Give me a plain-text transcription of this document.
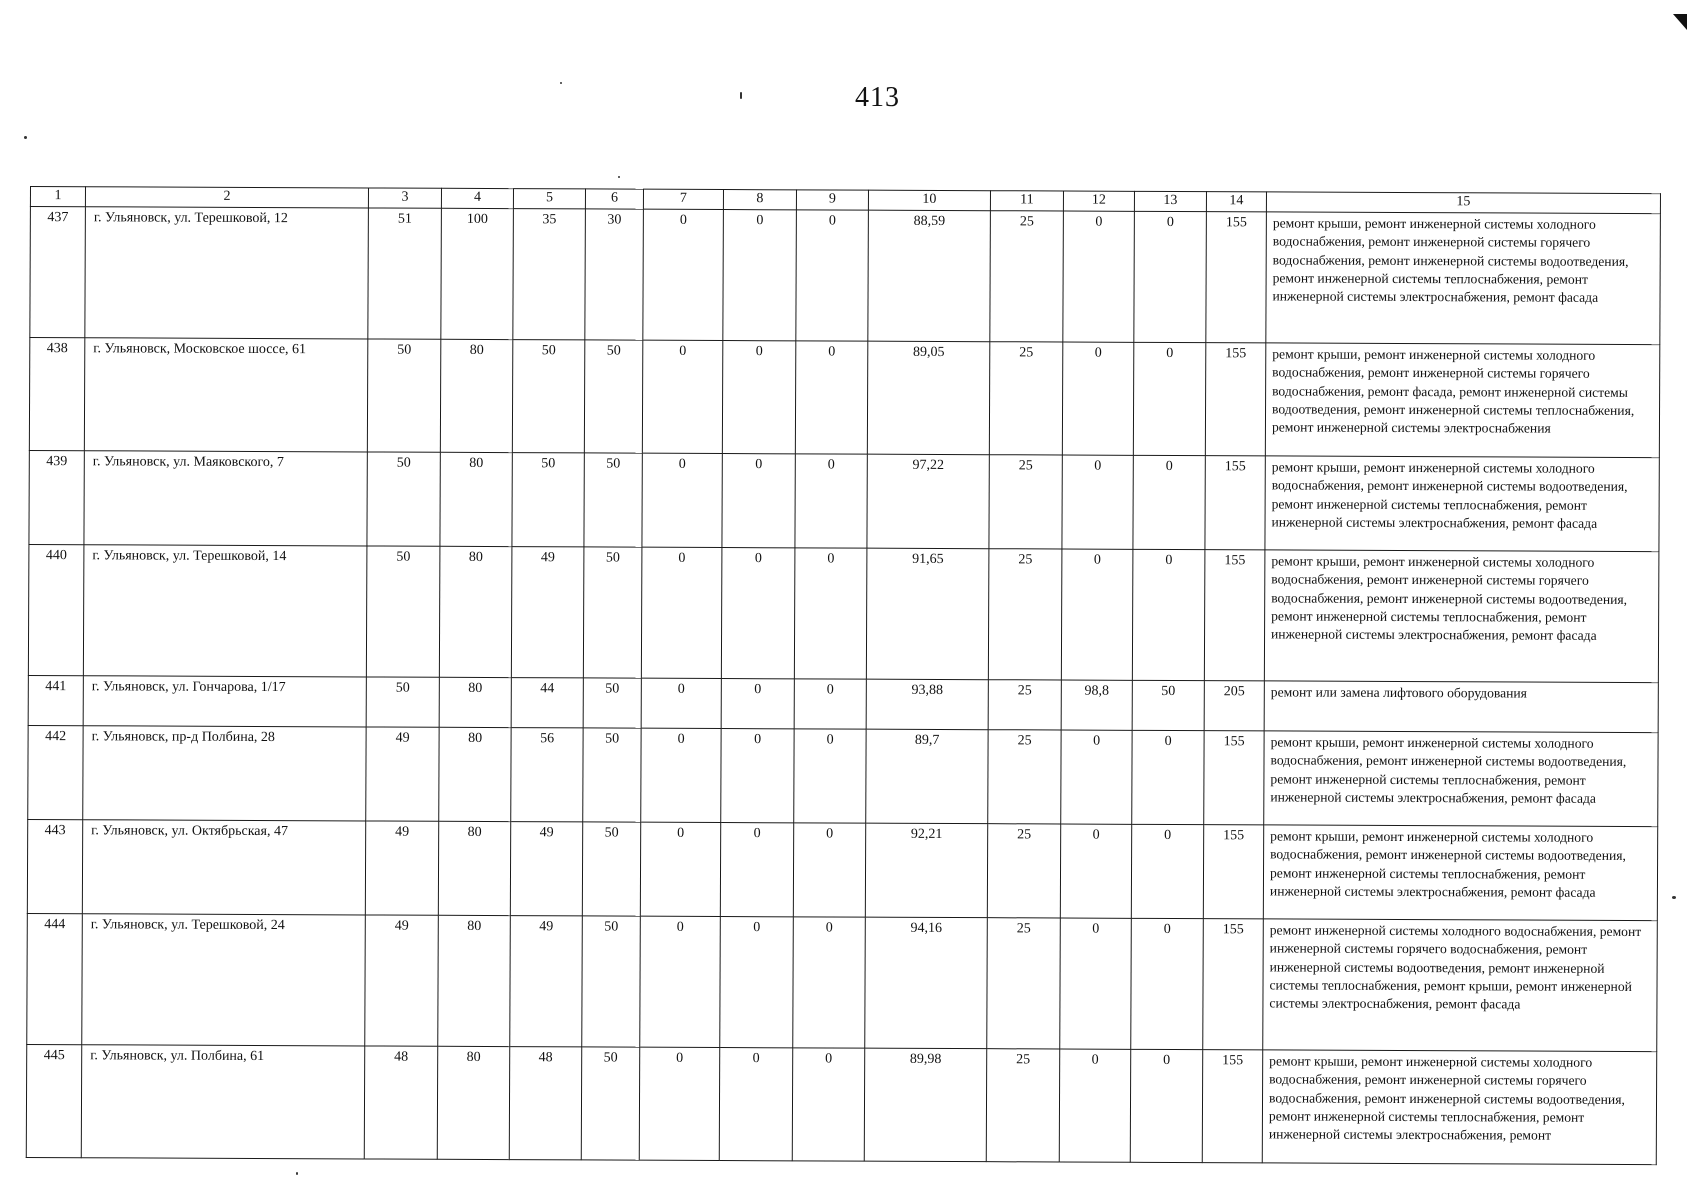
413
1	2	3	4	5	6	7	8	9	10	11	12	13	14	15
437	г. Ульяновск, ул. Терешковой, 12	51	100	35	30	0	0	0	88,59	25	0	0	155	ремонт крыши, ремонт инженерной системы холодного водоснабжения, ремонт инженерной системы горячего водоснабжения, ремонт инженерной системы водоотведения, ремонт инженерной системы теплоснабжения, ремонт инженерной системы электроснабжения, ремонт фасада
438	г. Ульяновск, Московское шоссе, 61	50	80	50	50	0	0	0	89,05	25	0	0	155	ремонт крыши, ремонт инженерной системы холодного водоснабжения, ремонт инженерной системы горячего водоснабжения, ремонт фасада, ремонт инженерной системы водоотведения, ремонт инженерной системы теплоснабжения, ремонт инженерной системы электроснабжения
439	г. Ульяновск, ул. Маяковского, 7	50	80	50	50	0	0	0	97,22	25	0	0	155	ремонт крыши, ремонт инженерной системы холодного водоснабжения, ремонт инженерной системы водоотведения, ремонт инженерной системы теплоснабжения, ремонт инженерной системы электроснабжения, ремонт фасада
440	г. Ульяновск, ул. Терешковой, 14	50	80	49	50	0	0	0	91,65	25	0	0	155	ремонт крыши, ремонт инженерной системы холодного водоснабжения, ремонт инженерной системы горячего водоснабжения, ремонт инженерной системы водоотведения, ремонт инженерной системы теплоснабжения, ремонт инженерной системы электроснабжения, ремонт фасада
441	г. Ульяновск, ул. Гончарова, 1/17	50	80	44	50	0	0	0	93,88	25	98,8	50	205	ремонт или замена лифтового оборудования
442	г. Ульяновск, пр-д Полбина, 28	49	80	56	50	0	0	0	89,7	25	0	0	155	ремонт крыши, ремонт инженерной системы холодного водоснабжения, ремонт инженерной системы водоотведения, ремонт инженерной системы теплоснабжения, ремонт инженерной системы электроснабжения, ремонт фасада
443	г. Ульяновск, ул. Октябрьская, 47	49	80	49	50	0	0	0	92,21	25	0	0	155	ремонт крыши, ремонт инженерной системы холодного водоснабжения, ремонт инженерной системы водоотведения, ремонт инженерной системы теплоснабжения, ремонт инженерной системы электроснабжения, ремонт фасада
444	г. Ульяновск, ул. Терешковой, 24	49	80	49	50	0	0	0	94,16	25	0	0	155	ремонт инженерной системы холодного водоснабжения, ремонт инженерной системы горячего водоснабжения, ремонт инженерной системы водоотведения, ремонт инженерной системы теплоснабжения, ремонт крыши, ремонт инженерной системы электроснабжения, ремонт фасада
445	г. Ульяновск, ул. Полбина, 61	48	80	48	50	0	0	0	89,98	25	0	0	155	ремонт крыши, ремонт инженерной системы холодного водоснабжения, ремонт инженерной системы горячего водоснабжения, ремонт инженерной системы водоотведения, ремонт инженерной системы теплоснабжения, ремонт инженерной системы электроснабжения, ремонт
